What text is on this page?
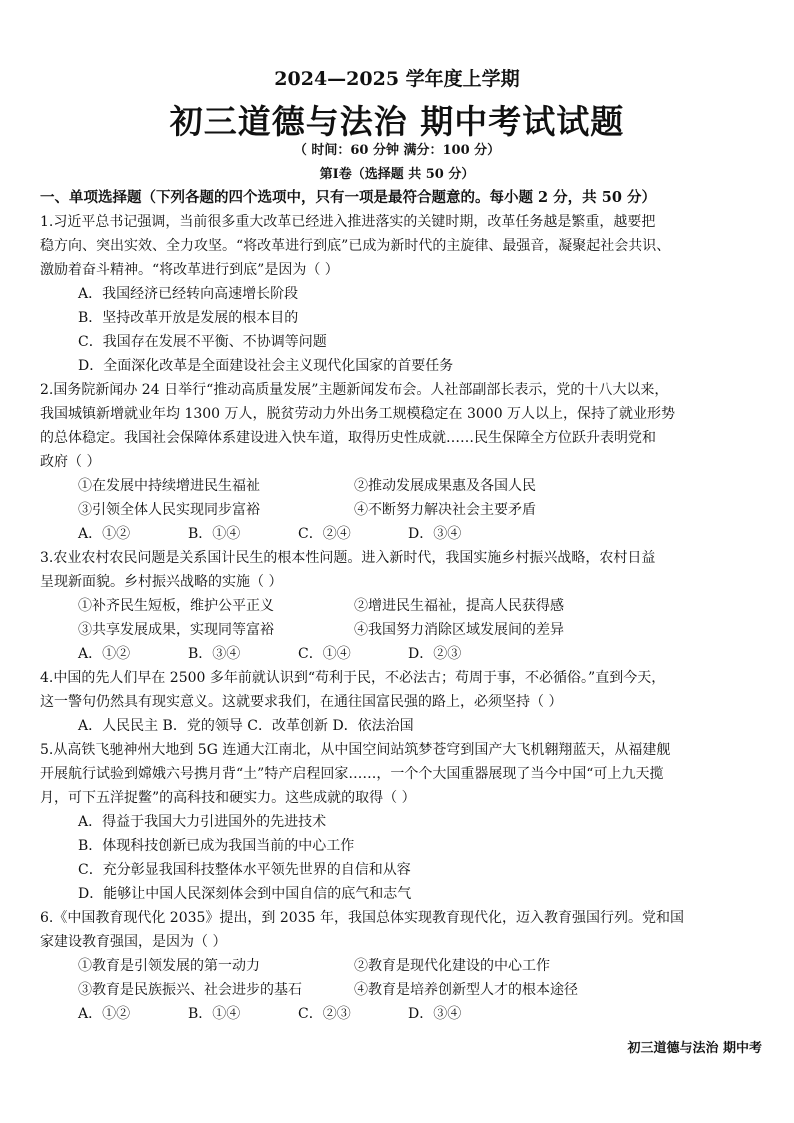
2024—2025 学年度上学期
初三道德与法治 期中考试试题
（ 时间：60 分钟 满分：100 分）
第Ⅰ卷（选择题 共 50 分）

一、单项选择题（下列各题的四个选项中，只有一项是最符合题意的。每小题 2 分，共 50 分）

1.习近平总书记强调，当前很多重大改革已经进入推进落实的关键时期，改革任务越是繁重，越要把

稳方向、突出实效、全力攻坚。“将改革进行到底”已成为新时代的主旋律、最强音，凝聚起社会共识、

激励着奋斗精神。“将改革进行到底”是因为（ ）

A．我国经济已经转向高速增长阶段

B．坚持改革开放是发展的根本目的

C．我国存在发展不平衡、不协调等问题

D．全面深化改革是全面建设社会主义现代化国家的首要任务

2.国务院新闻办 24 日举行“推动高质量发展”主题新闻发布会。人社部副部长表示，党的十八大以来，

我国城镇新增就业年均 1300 万人，脱贫劳动力外出务工规模稳定在 3000 万人以上，保持了就业形势

的总体稳定。我国社会保障体系建设进入快车道，取得历史性成就……民生保障全方位跃升表明党和

政府（ ）

①在发展中持续增进民生福祉	②推动发展成果惠及各国人民
③引领全体人民实现同步富裕	④不断努力解决社会主要矛盾
A．①②	B．①④	C．②④	D．③④

3.农业农村农民问题是关系国计民生的根本性问题。进入新时代，我国实施乡村振兴战略，农村日益

呈现新面貌。乡村振兴战略的实施（ ）

①补齐民生短板，维护公平正义	②增进民生福祉，提高人民获得感
③共享发展成果，实现同等富裕	④我国努力消除区域发展间的差异
A．①②	B．③④	C．①④	D．②③

4.中国的先人们早在 2500 多年前就认识到“苟利于民，不必法古；苟周于事，不必循俗。”直到今天，

这一警句仍然具有现实意义。这就要求我们，在通往国富民强的路上，必须坚持（ ）

A．人民民主 B．党的领导 C．改革创新 D．依法治国

5.从高铁飞驰神州大地到 5G 连通大江南北，从中国空间站筑梦苍穹到国产大飞机翱翔蓝天，从福建舰

开展航行试验到嫦娥六号携月背“土”特产启程回家……，一个个大国重器展现了当今中国“可上九天揽

月，可下五洋捉鳖”的高科技和硬实力。这些成就的取得（ ）

A．得益于我国大力引进国外的先进技术

B．体现科技创新已成为我国当前的中心工作

C．充分彰显我国科技整体水平领先世界的自信和从容

D．能够让中国人民深刻体会到中国自信的底气和志气

6.《中国教育现代化 2035》提出，到 2035 年，我国总体实现教育现代化，迈入教育强国行列。党和国

家建设教育强国，是因为（ ）

①教育是引领发展的第一动力	②教育是现代化建设的中心工作
③教育是民族振兴、社会进步的基石	④教育是培养创新型人才的根本途径
A．①②	B．①④	C．②③	D．③④
初三道德与法治 期中考
